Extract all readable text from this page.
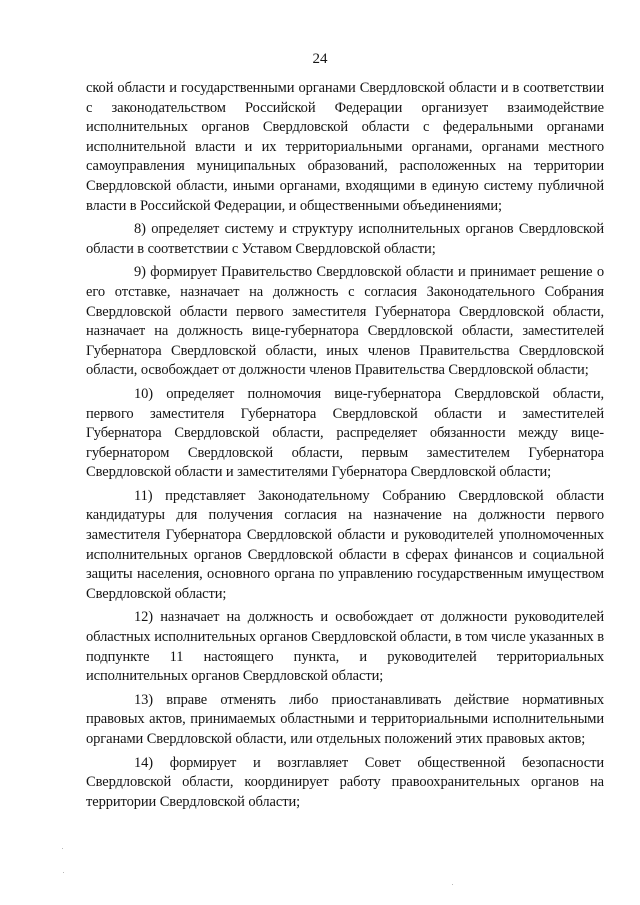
24

ской области и государственными органами Свердловской области и в соответствии с законодательством Российской Федерации организует взаимодействие исполнительных органов Свердловской области с федеральными органами исполнительной власти и их территориальными органами, органами местного самоуправления муниципальных образований, расположенных на территории Свердловской области, иными органами, входящими в единую систему публичной власти в Российской Федерации, и общественными объединениями;

8) определяет систему и структуру исполнительных органов Свердловской области в соответствии с Уставом Свердловской области;

9) формирует Правительство Свердловской области и принимает решение о его отставке, назначает на должность с согласия Законодательного Собрания Свердловской области первого заместителя Губернатора Свердловской области, назначает на должность вице-губернатора Свердловской области, заместителей Губернатора Свердловской области, иных членов Правительства Свердловской области, освобождает от должности членов Правительства Свердловской области;

10) определяет полномочия вице-губернатора Свердловской области, первого заместителя Губернатора Свердловской области и заместителей Губернатора Свердловской области, распределяет обязанности между вице-губернатором Свердловской области, первым заместителем Губернатора Свердловской области и заместителями Губернатора Свердловской области;

11) представляет Законодательному Собранию Свердловской области кандидатуры для получения согласия на назначение на должности первого заместителя Губернатора Свердловской области и руководителей уполномоченных исполнительных органов Свердловской области в сферах финансов и социальной защиты населения, основного органа по управлению государственным имуществом Свердловской области;

12) назначает на должность и освобождает от должности руководителей областных исполнительных органов Свердловской области, в том числе указанных в подпункте 11 настоящего пункта, и руководителей территориальных исполнительных органов Свердловской области;

13) вправе отменять либо приостанавливать действие нормативных правовых актов, принимаемых областными и территориальными исполнительными органами Свердловской области, или отдельных положений этих правовых актов;

14) формирует и возглавляет Совет общественной безопасности Свердловской области, координирует работу правоохранительных органов на территории Свердловской области;
